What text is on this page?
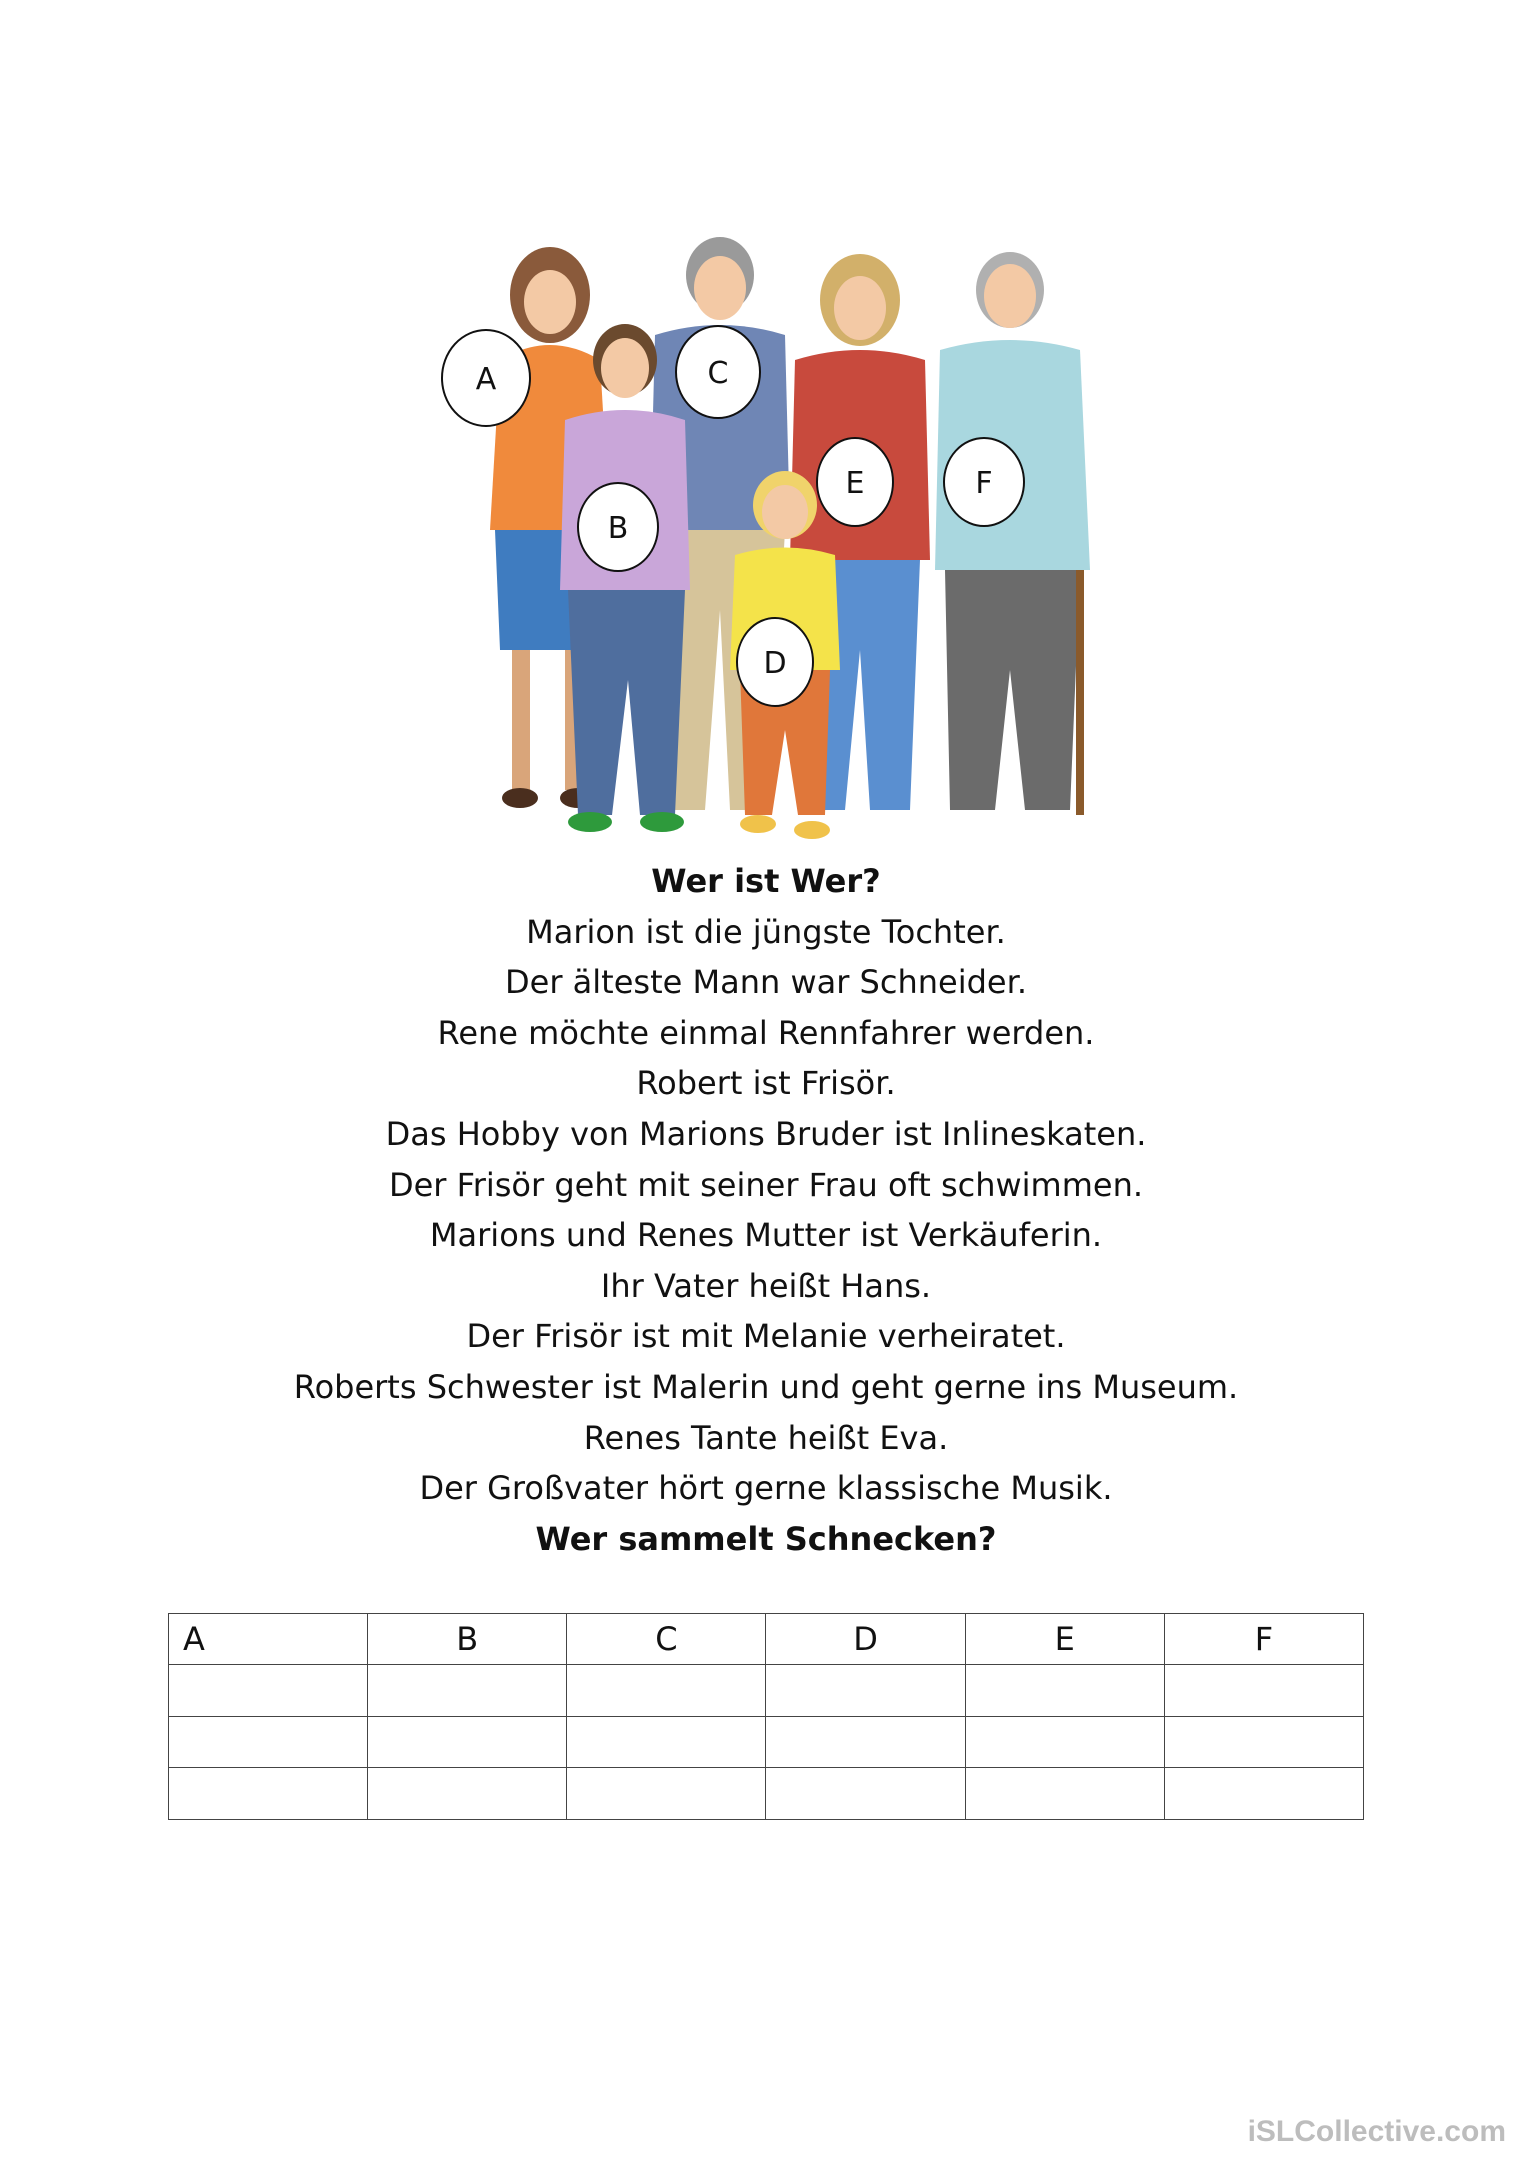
A
B
C
D
E	F
Wer ist Wer?
Marion ist die jüngste Tochter.
Der älteste Mann war Schneider.
Rene möchte einmal Rennfahrer werden.
Robert ist Frisör.
Das Hobby von Marions Bruder ist Inlineskaten.
Der Frisör geht mit seiner Frau oft schwimmen.
Marions und Renes Mutter ist Verkäuferin.
Ihr Vater heißt Hans.
Der Frisör ist mit Melanie verheiratet.
Roberts Schwester ist Malerin und geht gerne ins Museum.
Renes Tante heißt Eva.
Der Großvater hört gerne klassische Musik.
Wer sammelt Schnecken?
A	B	C	D	E	F

iSLCollective.com
